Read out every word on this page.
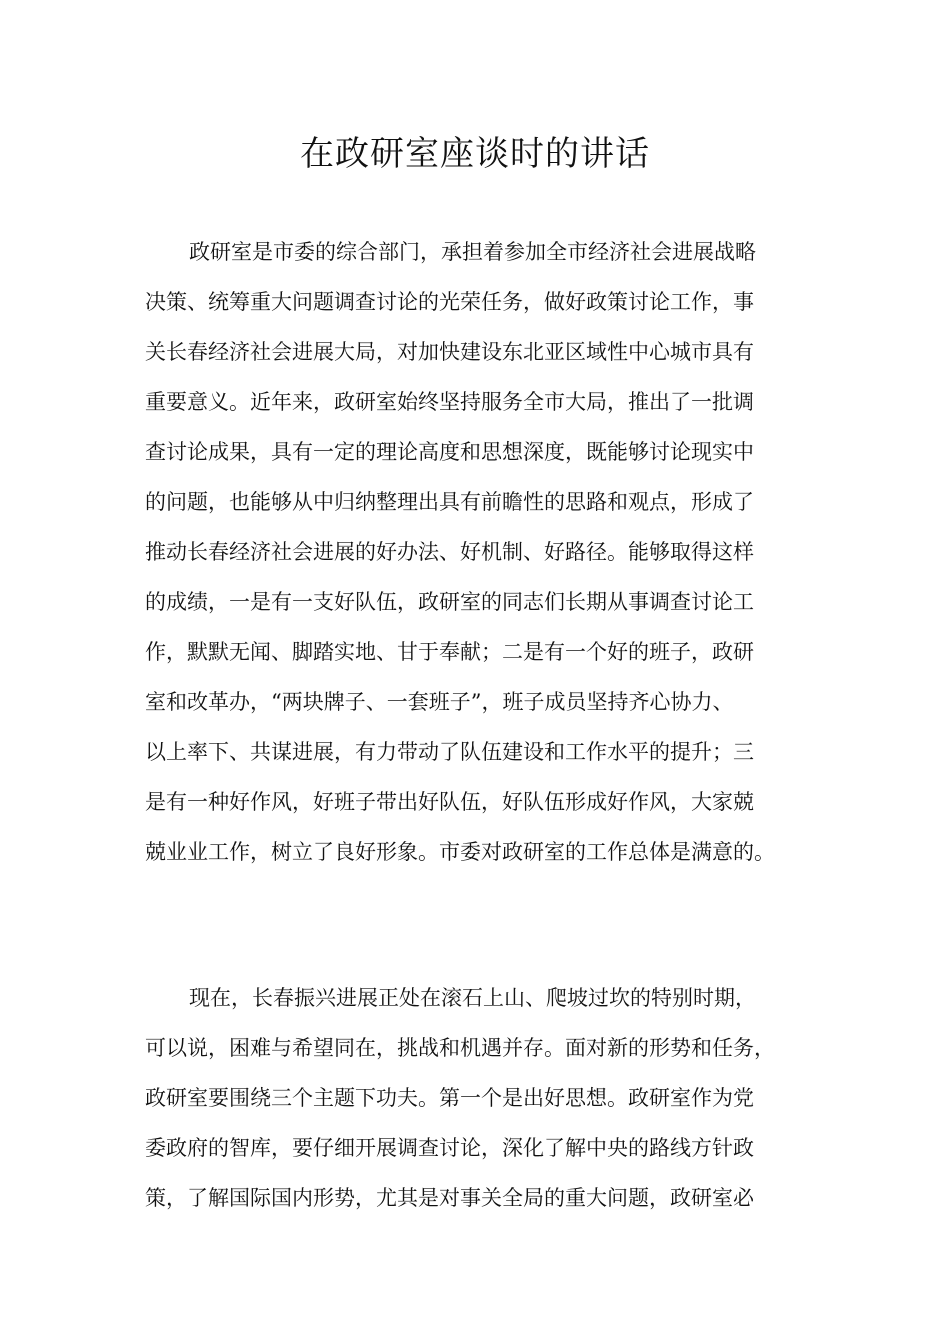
在政研室座谈时的讲话
政研室是市委的综合部门，承担着参加全市经济社会进展战略
决策、统筹重大问题调查讨论的光荣任务，做好政策讨论工作，事
关长春经济社会进展大局，对加快建设东北亚区域性中心城市具有
重要意义。近年来，政研室始终坚持服务全市大局，推出了一批调
查讨论成果，具有一定的理论高度和思想深度，既能够讨论现实中
的问题，也能够从中归纳整理出具有前瞻性的思路和观点，形成了
推动长春经济社会进展的好办法、好机制、好路径。能够取得这样
的成绩，一是有一支好队伍，政研室的同志们长期从事调查讨论工
作，默默无闻、脚踏实地、甘于奉献；二是有一个好的班子，政研
室和改革办，“两块牌子、一套班子”，班子成员坚持齐心协力、
以上率下、共谋进展，有力带动了队伍建设和工作水平的提升；三
是有一种好作风，好班子带出好队伍，好队伍形成好作风，大家兢
兢业业工作，树立了良好形象。市委对政研室的工作总体是满意的。
现在，长春振兴进展正处在滚石上山、爬坡过坎的特别时期，
可以说，困难与希望同在，挑战和机遇并存。面对新的形势和任务，
政研室要围绕三个主题下功夫。第一个是出好思想。政研室作为党
委政府的智库，要仔细开展调查讨论，深化了解中央的路线方针政
策，了解国际国内形势，尤其是对事关全局的重大问题，政研室必
